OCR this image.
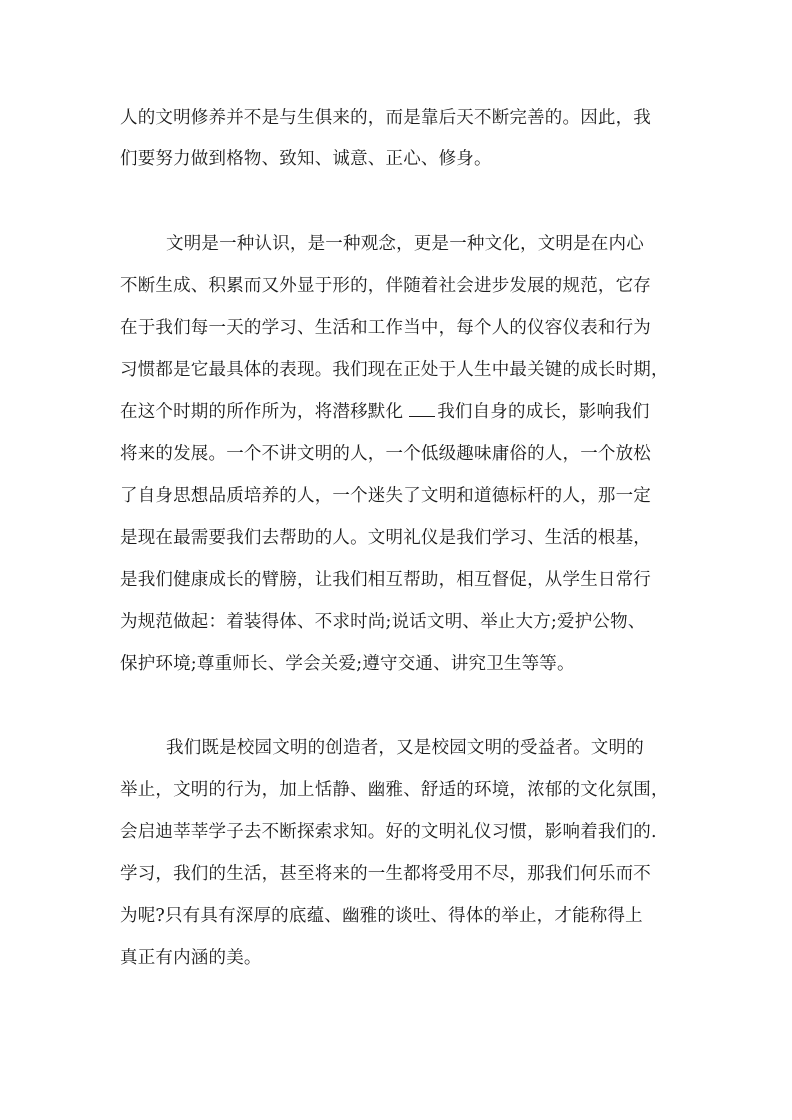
人的文明修养并不是与生俱来的，而是靠后天不断完善的。因此，我
们要努力做到格物、致知、诚意、正心、修身。
文明是一种认识，是一种观念，更是一种文化，文明是在内心
不断生成、积累而又外显于形的，伴随着社会进步发展的规范，它存
在于我们每一天的学习、生活和工作当中，每个人的仪容仪表和行为
习惯都是它最具体的表现。我们现在正处于人生中最关键的成长时期，
在这个时期的所作所为，将潜移默化 我们自身的成长，影响我们
将来的发展。一个不讲文明的人，一个低级趣味庸俗的人，一个放松
了自身思想品质培养的人，一个迷失了文明和道德标杆的人，那一定
是现在最需要我们去帮助的人。文明礼仪是我们学习、生活的根基，
是我们健康成长的臂膀，让我们相互帮助，相互督促，从学生日常行
为规范做起：着装得体、不求时尚;说话文明、举止大方;爱护公物、
保护环境;尊重师长、学会关爱;遵守交通、讲究卫生等等。
我们既是校园文明的创造者，又是校园文明的受益者。文明的
举止，文明的行为，加上恬静、幽雅、舒适的环境，浓郁的文化氛围，
会启迪莘莘学子去不断探索求知。好的文明礼仪习惯，影响着我们的.
学习，我们的生活，甚至将来的一生都将受用不尽，那我们何乐而不
为呢?只有具有深厚的底蕴、幽雅的谈吐、得体的举止，才能称得上
真正有内涵的美。
